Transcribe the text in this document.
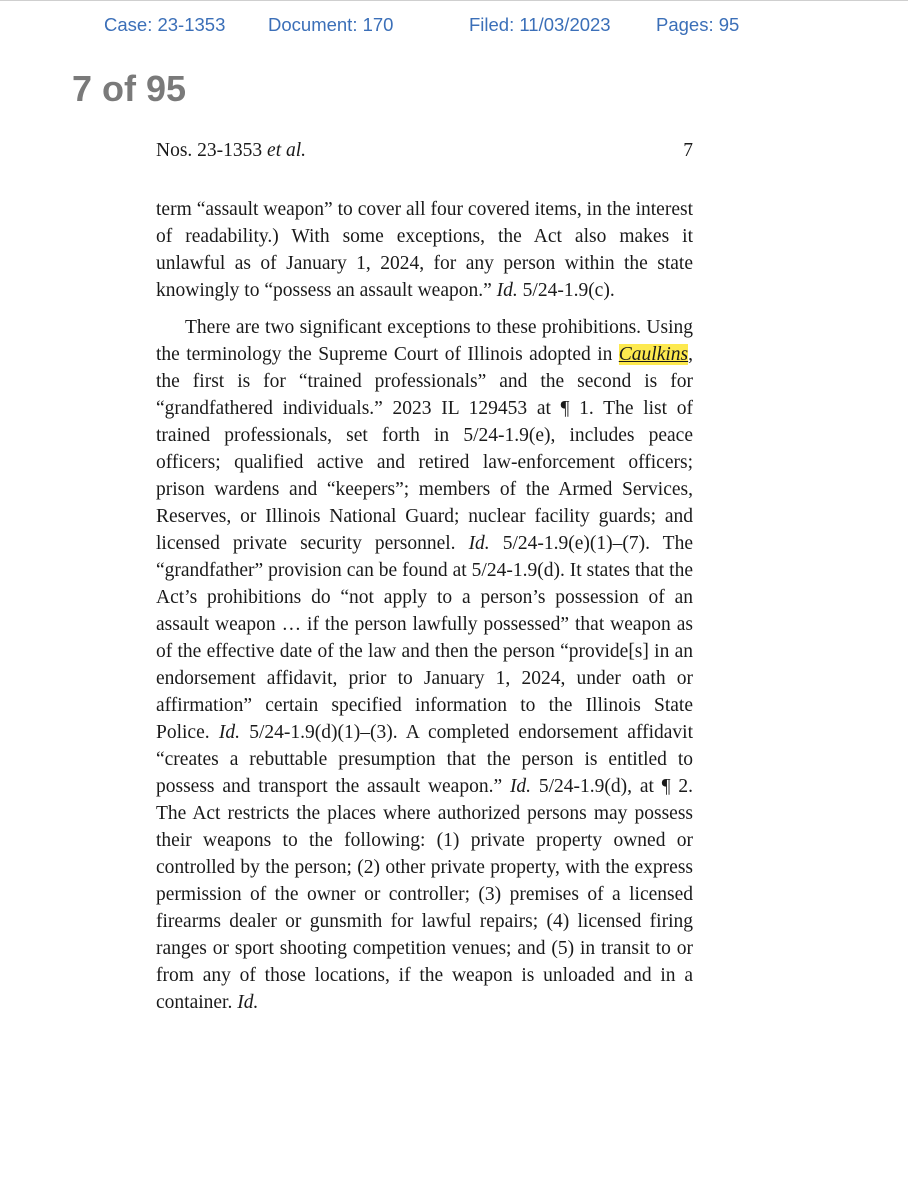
Case: 23-1353 Document: 170	Filed: 11/03/2023 Pages: 95
7 of 95
Nos. 23-1353 et al.	7

term “assault weapon” to cover all four covered items, in the interest of readability.) With some exceptions, the Act also makes it unlawful as of January 1, 2024, for any person within the state knowingly to “possess an assault weapon.” Id. 5/24-1.9(c).

There are two significant exceptions to these prohibitions. Using the terminology the Supreme Court of Illinois adopted in Caulkins, the first is for “trained professionals” and the second is for “grandfathered individuals.” 2023 IL 129453 at ¶ 1. The list of trained professionals, set forth in 5/24-1.9(e), includes peace officers; qualified active and retired law-enforcement officers; prison wardens and “keepers”; members of the Armed Services, Reserves, or Illinois National Guard; nuclear facility guards; and licensed private security personnel. Id. 5/24-1.9(e)(1)–(7). The “grandfather” provision can be found at 5/24-1.9(d). It states that the Act’s prohibitions do “not apply to a person’s possession of an assault weapon … if the person lawfully possessed” that weapon as of the effective date of the law and then the person “provide[s] in an endorsement affidavit, prior to January 1, 2024, under oath or affirmation” certain specified information to the Illinois State Police. Id. 5/24-1.9(d)(1)–(3). A completed endorsement affidavit “creates a rebuttable presumption that the person is entitled to possess and transport the assault weapon.” Id. 5/24-1.9(d), at ¶ 2. The Act restricts the places where authorized persons may possess their weapons to the following: (1) private property owned or controlled by the person; (2) other private property, with the express permission of the owner or controller; (3) premises of a licensed firearms dealer or gunsmith for lawful repairs; (4) licensed firing ranges or sport shooting competition venues; and (5) in transit to or from any of those locations, if the weapon is unloaded and in a container. Id.
